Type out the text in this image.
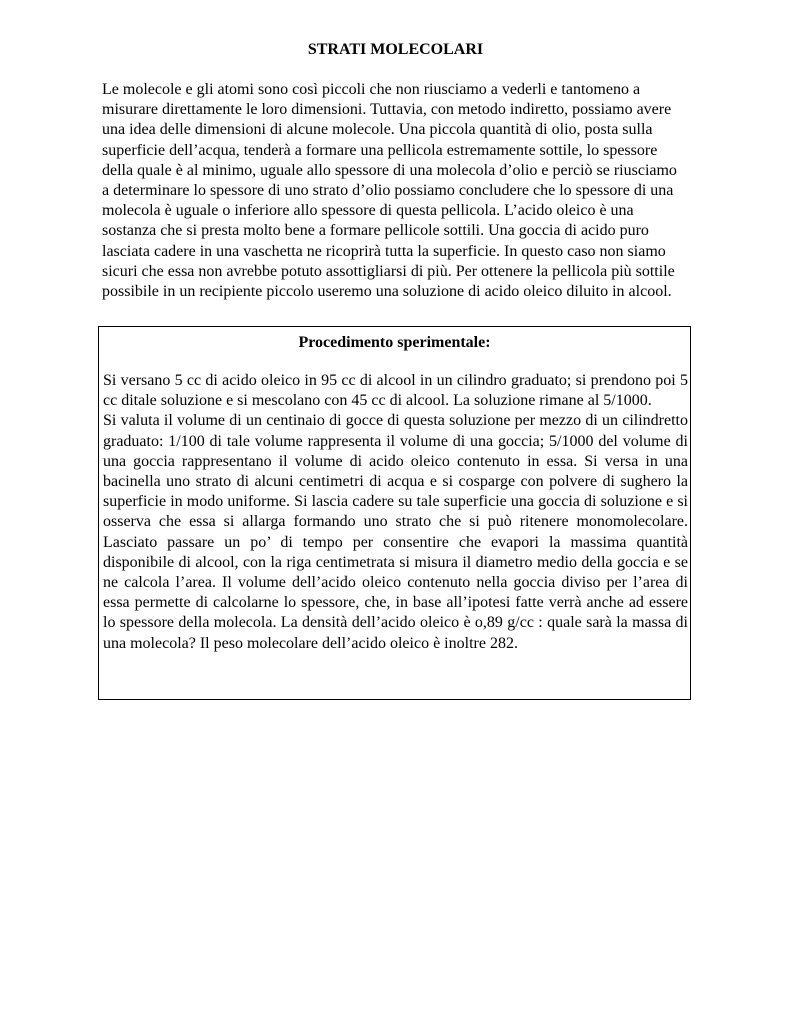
STRATI MOLECOLARI

Le molecole e gli atomi sono così piccoli che non riusciamo a vederli e tantomeno a misurare direttamente le loro dimensioni. Tuttavia, con metodo indiretto, possiamo avere una idea delle dimensioni di alcune molecole. Una piccola quantità di olio, posta sulla superficie dell’acqua, tenderà a formare una pellicola estremamente sottile, lo spessore della quale è al minimo, uguale allo spessore di una molecola d’olio e perciò se riusciamo a determinare lo spessore di uno strato d’olio possiamo concludere che lo spessore di una molecola è uguale o inferiore allo spessore di questa pellicola. L’acido oleico è una sostanza che si presta molto bene a formare pellicole sottili. Una goccia di acido puro lasciata cadere in una vaschetta ne ricoprirà tutta la superficie. In questo caso non siamo sicuri che essa non avrebbe potuto assottigliarsi di più. Per ottenere la pellicola più sottile possibile in un recipiente piccolo useremo una soluzione di acido oleico diluito in alcool.

Procedimento sperimentale:

Si versano 5 cc di acido oleico in 95 cc di alcool in un cilindro graduato; si prendono poi 5 cc ditale soluzione e si mescolano con 45 cc di alcool. La soluzione rimane al 5/1000.

Si valuta il volume di un centinaio di gocce di questa soluzione per mezzo di un cilindretto graduato: 1/100 di tale volume rappresenta il volume di una goccia; 5/1000 del volume di una goccia rappresentano il volume di acido oleico contenuto in essa. Si versa in una bacinella uno strato di alcuni centimetri di acqua e si cosparge con polvere di sughero la superficie in modo uniforme. Si lascia cadere su tale superficie una goccia di soluzione e si osserva che essa si allarga formando uno strato che si può ritenere monomolecolare. Lasciato passare un po’ di tempo per consentire che evapori la massima quantità disponibile di alcool, con la riga centimetrata si misura il diametro medio della goccia e se ne calcola l’area. Il volume dell’acido oleico contenuto nella goccia diviso per l’area di essa permette di calcolarne lo spessore, che, in base all’ipotesi fatte verrà anche ad essere lo spessore della molecola. La densità dell’acido oleico è o,89 g/cc : quale sarà la massa di una molecola? Il peso molecolare dell’acido oleico è inoltre 282.
